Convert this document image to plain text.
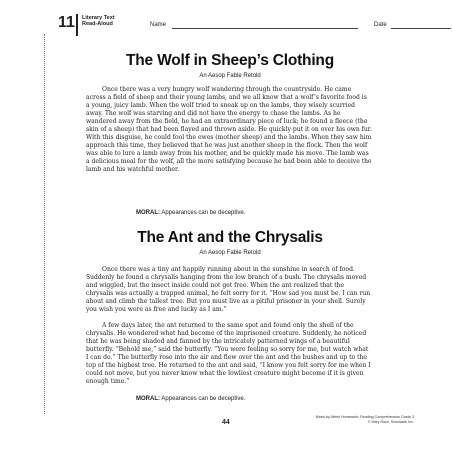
11 Literary Text
Read-Aloud	Name	Date
The Wolf in Sheep’s Clothing
An Aesop Fable Retold

Once there was a very hungry wolf wandering through the countryside. He came across a field of sheep and their young lambs, and we all know that a wolf’s favorite food is a young, juicy lamb. When the wolf tried to sneak up on the lambs, they wisely scurried away. The wolf was starving and did not have the energy to chase the lambs. As he wandered away from the field, he had an extraordinary piece of luck; he found a fleece (the skin of a sheep) that had been flayed and thrown aside. He quickly put it on over his own fur. With this disguise, he could fool the ewes (mother sheep) and the lambs. When they saw him approach this time, they believed that he was just another sheep in the flock. Then the wolf was able to lure a lamb away from his mother, and he quickly made his move. The lamb was a delicious meal for the wolf, all the more satisfying because he had been able to deceive the lamb and his watchful mother.

MORAL: Appearances can be deceptive.
The Ant and the Chrysalis
An Aesop Fable Retold

Once there was a tiny ant happily running about in the sunshine in search of food. Suddenly he found a chrysalis hanging from the low branch of a bush. The chrysalis moved and wiggled, but the insect inside could not get free. When the ant realized that the chrysalis was actually a trapped animal, he felt sorry for it. “How sad you must be. I can run about and climb the tallest tree. But you must live as a pitiful prisoner in your shell. Surely you wish you were as free and lucky as I am.”

A few days later, the ant returned to the same spot and found only the shell of the chrysalis. He wondered what had become of the imprisoned creature. Suddenly, he noticed that he was being shaded and fanned by the intricately patterned wings of a beautiful butterfly. “Behold me,” said the butterfly. “You were feeling so sorry for me, but watch what I can do.” The butterfly rose into the air and flew over the ant and the bushes and up to the top of the highest tree. He returned to the ant and said, “I know you felt sorry for me when I could not move, but you never know what the lowliest creature might become if it is given enough time.”

MORAL: Appearances can be deceptive.
44
Week-by-Week Homework: Reading Comprehension Grade 3
© Mary Rose, Scholastic Inc.
